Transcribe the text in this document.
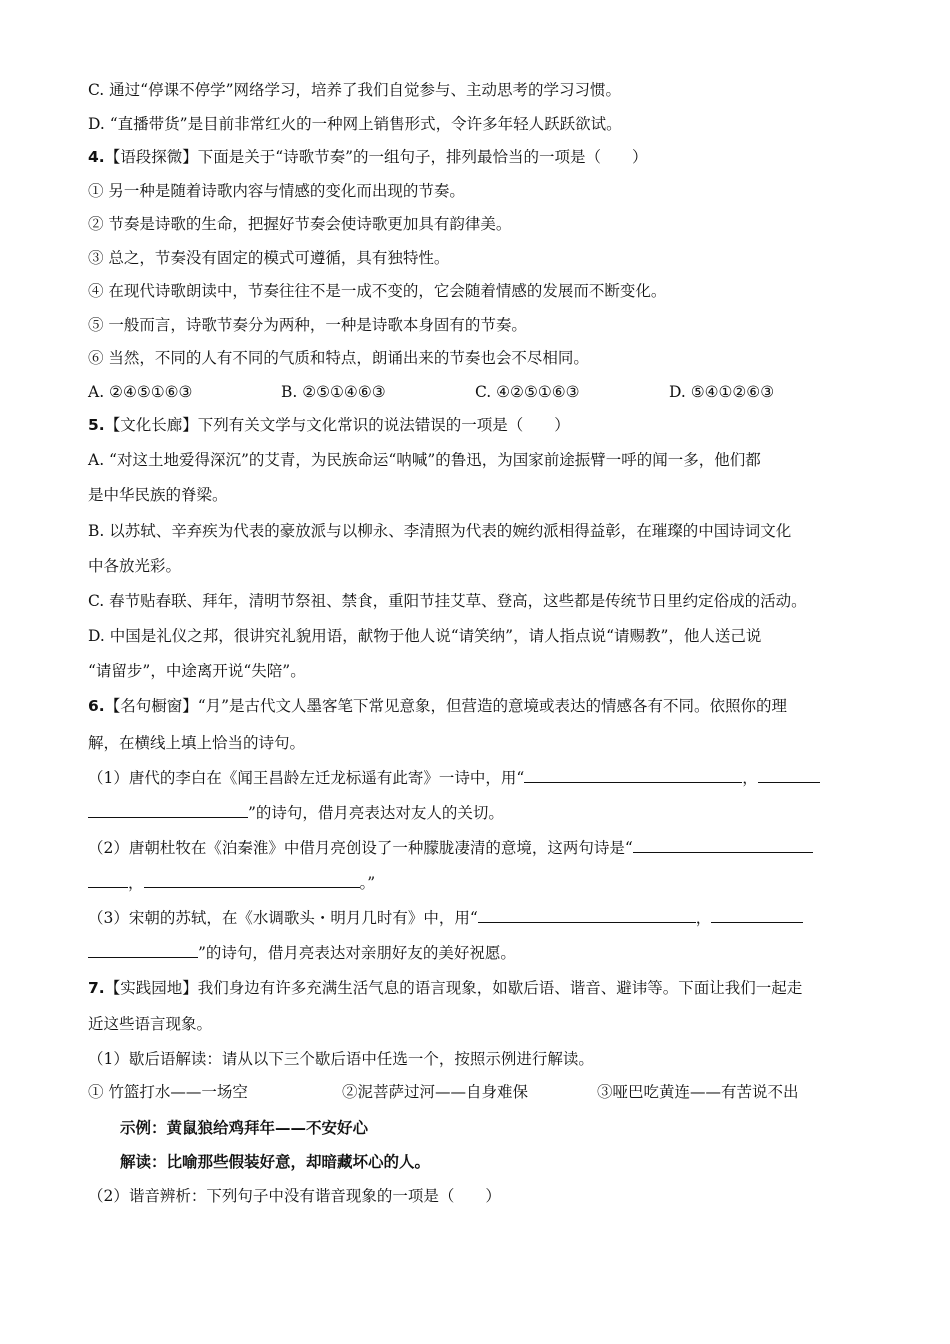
C. 通过“停课不停学”网络学习，培养了我们自觉参与、主动思考的学习习惯。
D. “直播带货”是目前非常红火的一种网上销售形式，令许多年轻人跃跃欲试。
4.【语段探微】下面是关于“诗歌节奏”的一组句子，排列最恰当的一项是（　　）
① 另一种是随着诗歌内容与情感的变化而出现的节奏。
② 节奏是诗歌的生命，把握好节奏会使诗歌更加具有韵律美。
③ 总之，节奏没有固定的模式可遵循，具有独特性。
④ 在现代诗歌朗读中，节奏往往不是一成不变的，它会随着情感的发展而不断变化。
⑤ 一般而言，诗歌节奏分为两种，一种是诗歌本身固有的节奏。
⑥ 当然，不同的人有不同的气质和特点，朗诵出来的节奏也会不尽相同。
A. ②④⑤①⑥③	B. ②⑤①④⑥③	C. ④②⑤①⑥③	D. ⑤④①②⑥③
5.【文化长廊】下列有关文学与文化常识的说法错误的一项是（　　）
A. “对这土地爱得深沉”的艾青，为民族命运“呐喊”的鲁迅，为国家前途振臂一呼的闻一多，他们都
是中华民族的脊梁。
B. 以苏轼、辛弃疾为代表的豪放派与以柳永、李清照为代表的婉约派相得益彰，在璀璨的中国诗词文化
中各放光彩。
C. 春节贴春联、拜年，清明节祭祖、禁食，重阳节挂艾草、登高，这些都是传统节日里约定俗成的活动。
D. 中国是礼仪之邦，很讲究礼貌用语，献物于他人说“请笑纳”，请人指点说“请赐教”，他人送己说
“请留步”，中途离开说“失陪”。
6.【名句橱窗】“月”是古代文人墨客笔下常见意象，但营造的意境或表达的情感各有不同。依照你的理
解，在横线上填上恰当的诗句。
（1）唐代的李白在《闻王昌龄左迁龙标遥有此寄》一诗中，用“	，
”的诗句，借月亮表达对友人的关切。
（2）唐朝杜牧在《泊秦淮》中借月亮创设了一种朦胧凄清的意境，这两句诗是“
，	。”
（3）宋朝的苏轼，在《水调歌头・明月几时有》中，用“	，
”的诗句，借月亮表达对亲朋好友的美好祝愿。
7.【实践园地】我们身边有许多充满生活气息的语言现象，如歇后语、谐音、避讳等。下面让我们一起走
近这些语言现象。
（1）歇后语解读：请从以下三个歇后语中任选一个，按照示例进行解读。
① 竹篮打水——一场空	②泥菩萨过河——自身难保	③哑巴吃黄连——有苦说不出
示例：黄鼠狼给鸡拜年——不安好心
解读：比喻那些假装好意，却暗藏坏心的人。
（2）谐音辨析：下列句子中没有谐音现象的一项是（　　）
